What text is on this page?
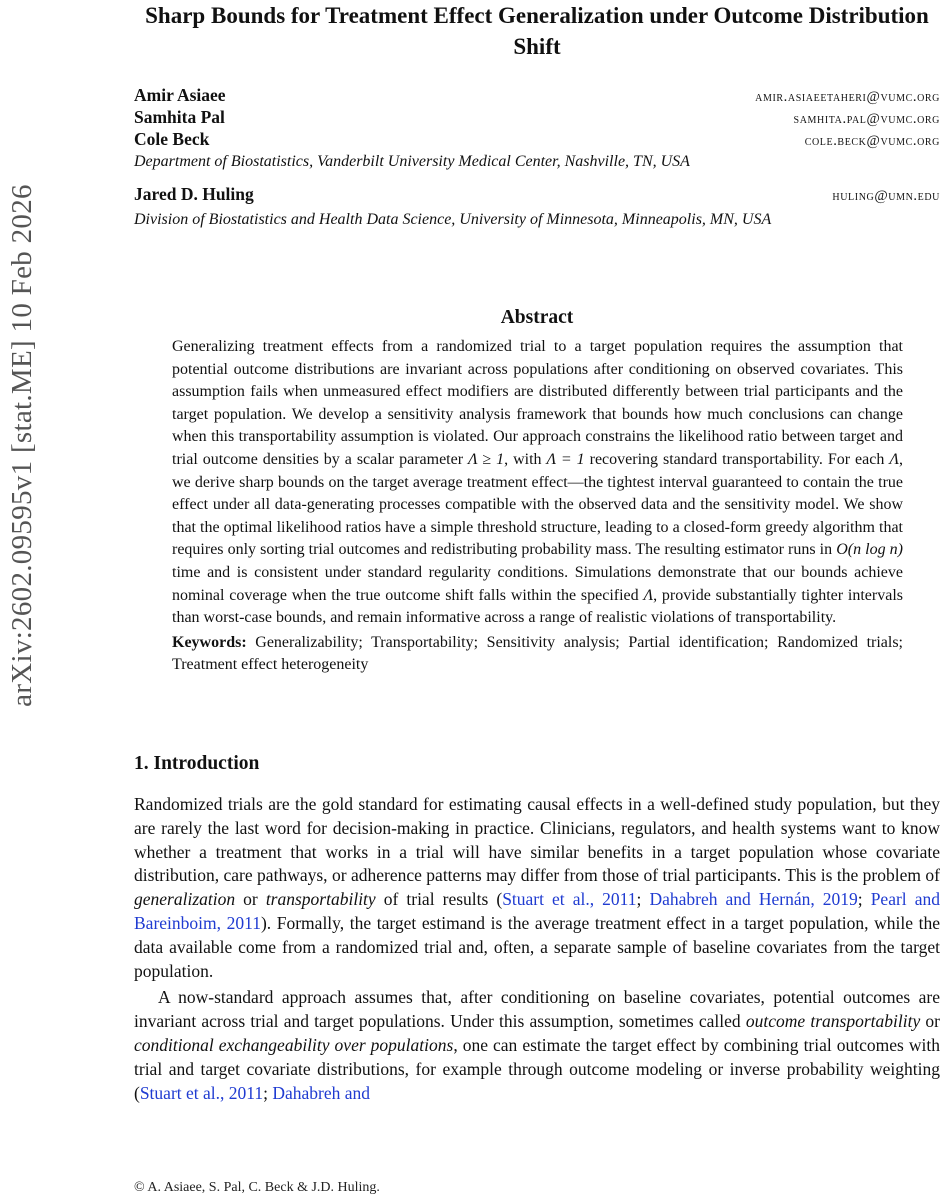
arXiv:2602.09595v1 [stat.ME] 10 Feb 2026
Sharp Bounds for Treatment Effect Generalization under Outcome Distribution Shift
Amir Asiaee	amir.asiaeetaheri@vumc.org
Samhita Pal	samhita.pal@vumc.org
Cole Beck	cole.beck@vumc.org
Department of Biostatistics, Vanderbilt University Medical Center, Nashville, TN, USA
Jared D. Huling	huling@umn.edu
Division of Biostatistics and Health Data Science, University of Minnesota, Minneapolis, MN, USA
Abstract

Generalizing treatment effects from a randomized trial to a target population requires the assumption that potential outcome distributions are invariant across populations after conditioning on observed covariates. This assumption fails when unmeasured effect modifiers are distributed differently between trial participants and the target population. We develop a sensitivity analysis framework that bounds how much conclusions can change when this transportability assumption is violated. Our approach constrains the likelihood ratio between target and trial outcome densities by a scalar parameter Λ ≥ 1, with Λ = 1 recovering standard transportability. For each Λ, we derive sharp bounds on the target average treatment effect—the tightest interval guaranteed to contain the true effect under all data-generating processes compatible with the observed data and the sensitivity model. We show that the optimal likelihood ratios have a simple threshold structure, leading to a closed-form greedy algorithm that requires only sorting trial outcomes and redistributing probability mass. The resulting estimator runs in O(n log n) time and is consistent under standard regularity conditions. Simulations demonstrate that our bounds achieve nominal coverage when the true outcome shift falls within the specified Λ, provide substantially tighter intervals than worst-case bounds, and remain informative across a range of realistic violations of transportability.

Keywords: Generalizability; Transportability; Sensitivity analysis; Partial identification; Randomized trials; Treatment effect heterogeneity

1. Introduction

Randomized trials are the gold standard for estimating causal effects in a well-defined study population, but they are rarely the last word for decision-making in practice. Clinicians, regulators, and health systems want to know whether a treatment that works in a trial will have similar benefits in a target population whose covariate distribution, care pathways, or adherence patterns may differ from those of trial participants. This is the problem of generalization or transportability of trial results (Stuart et al., 2011; Dahabreh and Hernán, 2019; Pearl and Bareinboim, 2011). Formally, the target estimand is the average treatment effect in a target population, while the data available come from a randomized trial and, often, a separate sample of baseline covariates from the target population.

A now-standard approach assumes that, after conditioning on baseline covariates, potential outcomes are invariant across trial and target populations. Under this assumption, sometimes called outcome transportability or conditional exchangeability over populations, one can estimate the target effect by combining trial outcomes with trial and target covariate distributions, for example through outcome modeling or inverse probability weighting (Stuart et al., 2011; Dahabreh and

© A. Asiaee, S. Pal, C. Beck & J.D. Huling.
